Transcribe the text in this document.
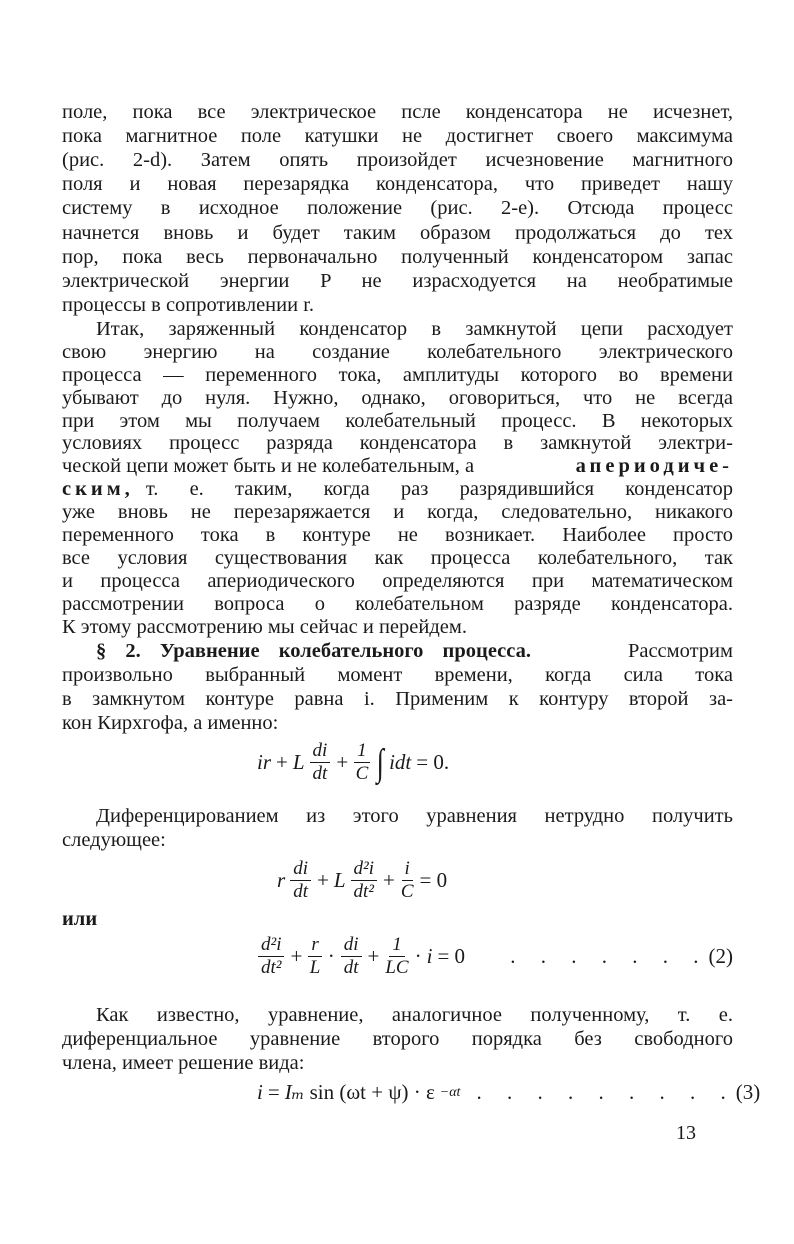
поле, пока все электрическое псле конденсатора не исчезнет,
пока магнитное поле катушки не достигнет своего максимума
(рис. 2-d). Затем опять произойдет исчезновение магнитного
поля и новая перезарядка конденсатора, что приведет нашу
систему в исходное положение (рис. 2-е). Отсюда процесс
начнется вновь и будет таким образом продолжаться до тех
пор, пока весь первоначально полученный конденсатором запас
электрической энергии P не израсходуется на необратимые
процессы в сопротивлении r.
Итак, заряженный конденсатор в замкнутой цепи расходует
свою энергию на создание колебательного электрического
процесса — переменного тока, амплитуды которого во времени
убывают до нуля. Нужно, однако, оговориться, что не всегда
при этом мы получаем колебательный процесс. В некоторых
условиях процесс разряда конденсатора в замкнутой электри-
ческой цепи может быть и не колебательным, а	апериодиче-
ским, т. е. таким, когда раз разрядившийся конденсатор
уже вновь не перезаряжается и когда, следовательно, никакого
переменного тока в контуре не возникает. Наиболее просто
все условия существования как процесса колебательного, так
и процесса апериодического определяются при математическом
рассмотрении вопроса о колебательном разряде конденсатора.
К этому рассмотрению мы сейчас и перейдем.
§ 2. Уравнение колебательного процесса.	Рассмотрим
произвольно выбранный момент времени, когда сила тока
в замкнутом контуре равна i. Применим к контуру второй за-
кон Кирхгофа, а именно:
ir + L $\frac{di}{dt} + \frac{1}{C}$ ∫ idt = 0.
Диференцированием из этого уравнения нетрудно получить
следующее:
r $\frac{di}{dt} + L \frac{\text{d²i}}{\text{dt²}} + \frac{i}{C} = 0$
или
$\frac{\text{d²i}}{\text{dt²}} + \frac{r}{L} \cdot \frac{di}{dt} + \frac{1}{LC} \cdot i = 0$	. . . . . . . (2)
Как известно, уравнение, аналогичное полученному, т. е.
диференциальное уравнение второго порядка без свободного
члена, имеет решение вида:
i = Iₘ sin (ωt + ψ) · ε −αt . . . . . . . . . (3)
13
